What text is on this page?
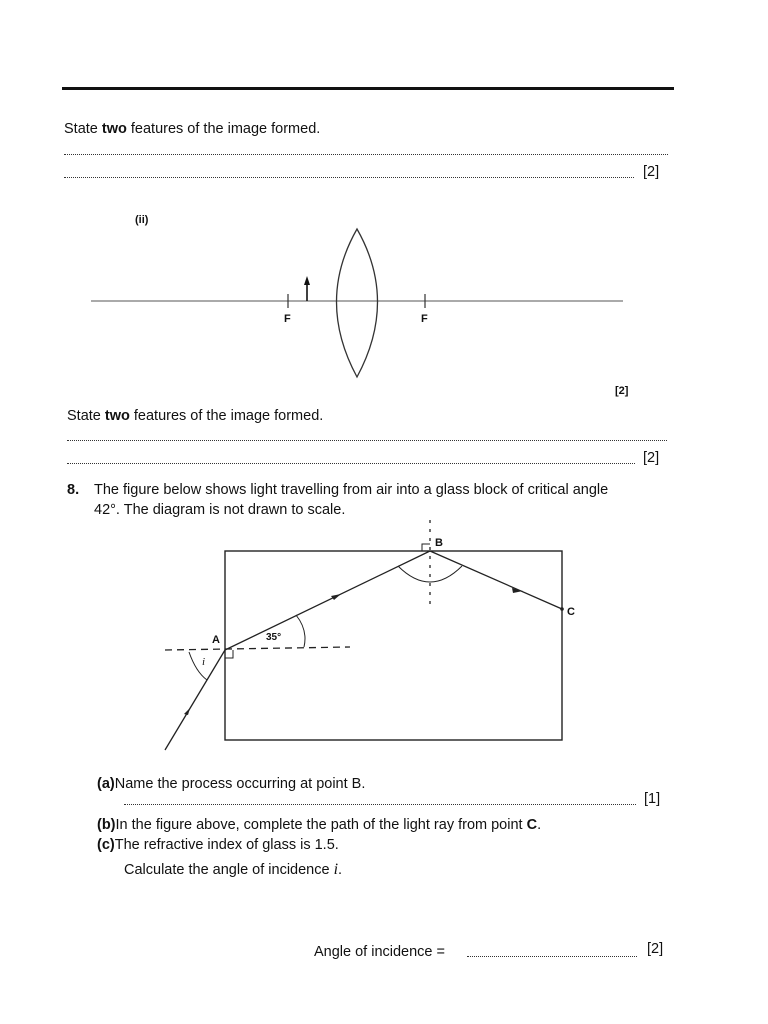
State two features of the image formed.
[2]
(ii)
F	F
[2]
State two features of the image formed.
[2]
8. The figure below shows light travelling from air into a glass block of critical angle
42°. The diagram is not drawn to scale.
A
B
C
35°
i
(a)Name the process occurring at point B.
[1]
(b)In the figure above, complete the path of the light ray from point C.
(c)The refractive index of glass is 1.5.
Calculate the angle of incidence i.
Angle of incidence =	[2]
